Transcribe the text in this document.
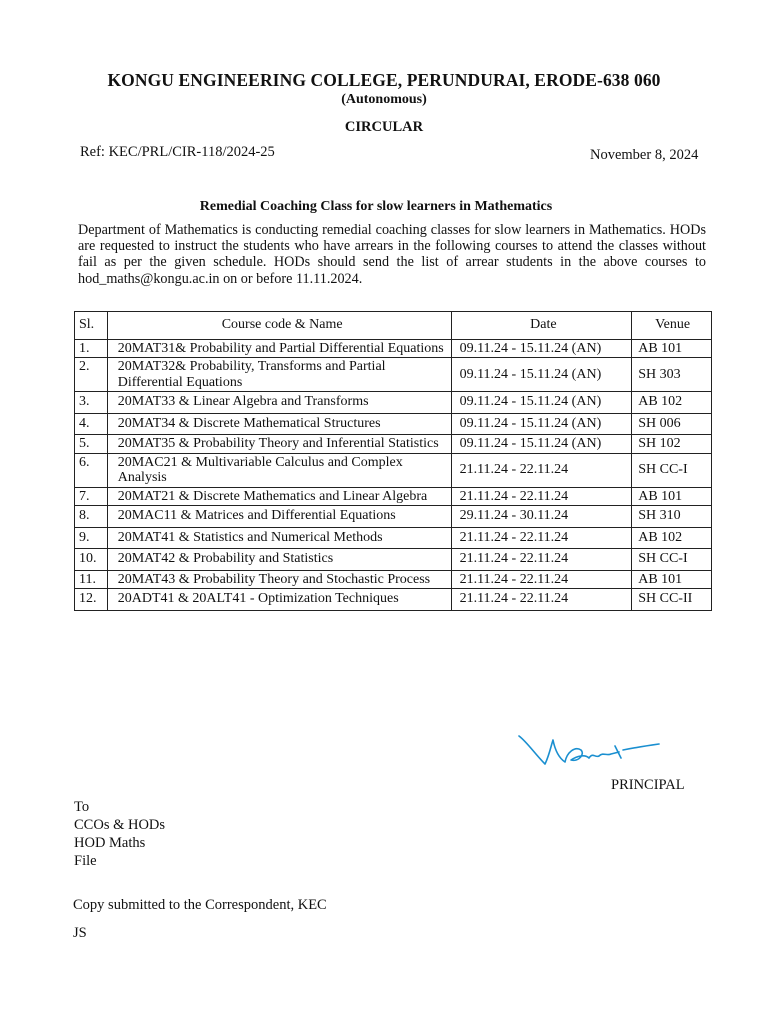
KONGU ENGINEERING COLLEGE, PERUNDURAI, ERODE-638 060
(Autonomous)
CIRCULAR
Ref: KEC/PRL/CIR-118/2024-25	November 8, 2024
Remedial Coaching Class for slow learners in Mathematics
Department of Mathematics is conducting remedial coaching classes for slow learners in Mathematics. HODs are requested to instruct the students who have arrears in the following courses to attend the classes without fail as per the given schedule. HODs should send the list of arrear students in the above courses to hod_maths@kongu.ac.in on or before 11.11.2024.
Sl.	Course code & Name	Date	Venue
1.	20MAT31& Probability and Partial Differential Equations	09.11.24 - 15.11.24 (AN)	AB 101
2.	20MAT32& Probability, Transforms and Partial Differential Equations	09.11.24 - 15.11.24 (AN)	SH 303
3.	20MAT33 & Linear Algebra and Transforms	09.11.24 - 15.11.24 (AN)	AB 102
4.	20MAT34 & Discrete Mathematical Structures	09.11.24 - 15.11.24 (AN)	SH 006
5.	20MAT35 & Probability Theory and Inferential Statistics	09.11.24 - 15.11.24 (AN)	SH 102
6.	20MAC21 & Multivariable Calculus and Complex Analysis	21.11.24 - 22.11.24	SH CC-I
7.	20MAT21 & Discrete Mathematics and Linear Algebra	21.11.24 - 22.11.24	AB 101
8.	20MAC11 & Matrices and Differential Equations	29.11.24 - 30.11.24	SH 310
9.	20MAT41 & Statistics and Numerical Methods	21.11.24 - 22.11.24	AB 102
10.	20MAT42 & Probability and Statistics	21.11.24 - 22.11.24	SH CC-I
11.	20MAT43 & Probability Theory and Stochastic Process	21.11.24 - 22.11.24	AB 101
12.	20ADT41 & 20ALT41 - Optimization Techniques	21.11.24 - 22.11.24	SH CC-II
PRINCIPAL
To
CCOs & HODs
HOD Maths
File
Copy submitted to the Correspondent, KEC
JS
